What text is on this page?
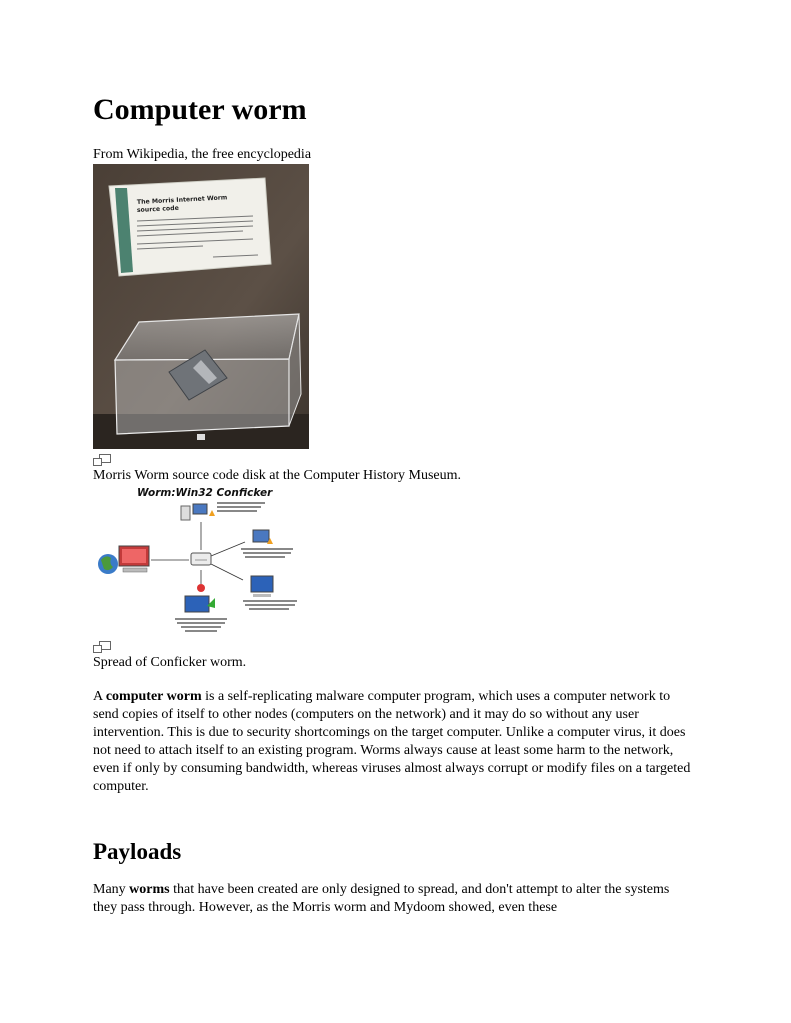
Computer worm
From Wikipedia, the free encyclopedia
The Morris Internet Worm
source code
Morris Worm source code disk at the Computer History Museum.
Worm:Win32 Conficker
Spread of Conficker worm.

A computer worm is a self-replicating malware computer program, which uses a computer network to send copies of itself to other nodes (computers on the network) and it may do so without any user intervention. This is due to security shortcomings on the target computer. Unlike a computer virus, it does not need to attach itself to an existing program. Worms always cause at least some harm to the network, even if only by consuming bandwidth, whereas viruses almost always corrupt or modify files on a targeted computer.

Payloads

Many worms that have been created are only designed to spread, and don't attempt to alter the systems they pass through. However, as the Morris worm and Mydoom showed, even these
